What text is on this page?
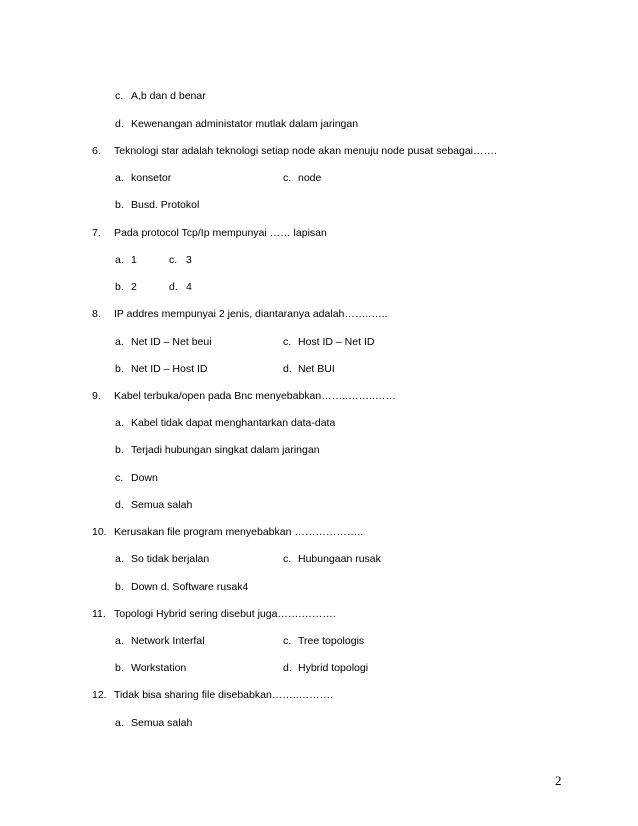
c. A,b dan d benar
d. Kewenangan administator mutlak dalam jaringan
6. Teknologi star adalah teknologi setiap node akan menuju node pusat sebagai…….
a. konsetor	c. node
b. Busd. Protokol
7. Pada protocol Tcp/Ip mempunyai …… lapisan
a. 1	c. 3
b. 2	d. 4
8. IP addres mempunyai 2 jenis, diantaranya adalah……..…..
a. Net ID – Net beui	c. Host ID – Net ID
b. Net ID – Host ID	d. Net BUI
9. Kabel terbuka/open pada Bnc menyebabkan……..……..……
a. Kabel tidak dapat menghantarkan data-data
b. Terjadi hubungan singkat dalam jaringan
c. Down
d. Semua salah
10. Kerusakan file program menyebabkan ………………..
a. So tidak berjalan	c. Hubungaan rusak
b. Down d. Software rusak4
11. Topologi Hybrid sering disebut juga…….……….
a. Network Interfal	c. Tree topologis
b. Workstation	d. Hybrid topologi
12. Tidak bisa sharing file disebabkan……..……….
a. Semua salah
2
